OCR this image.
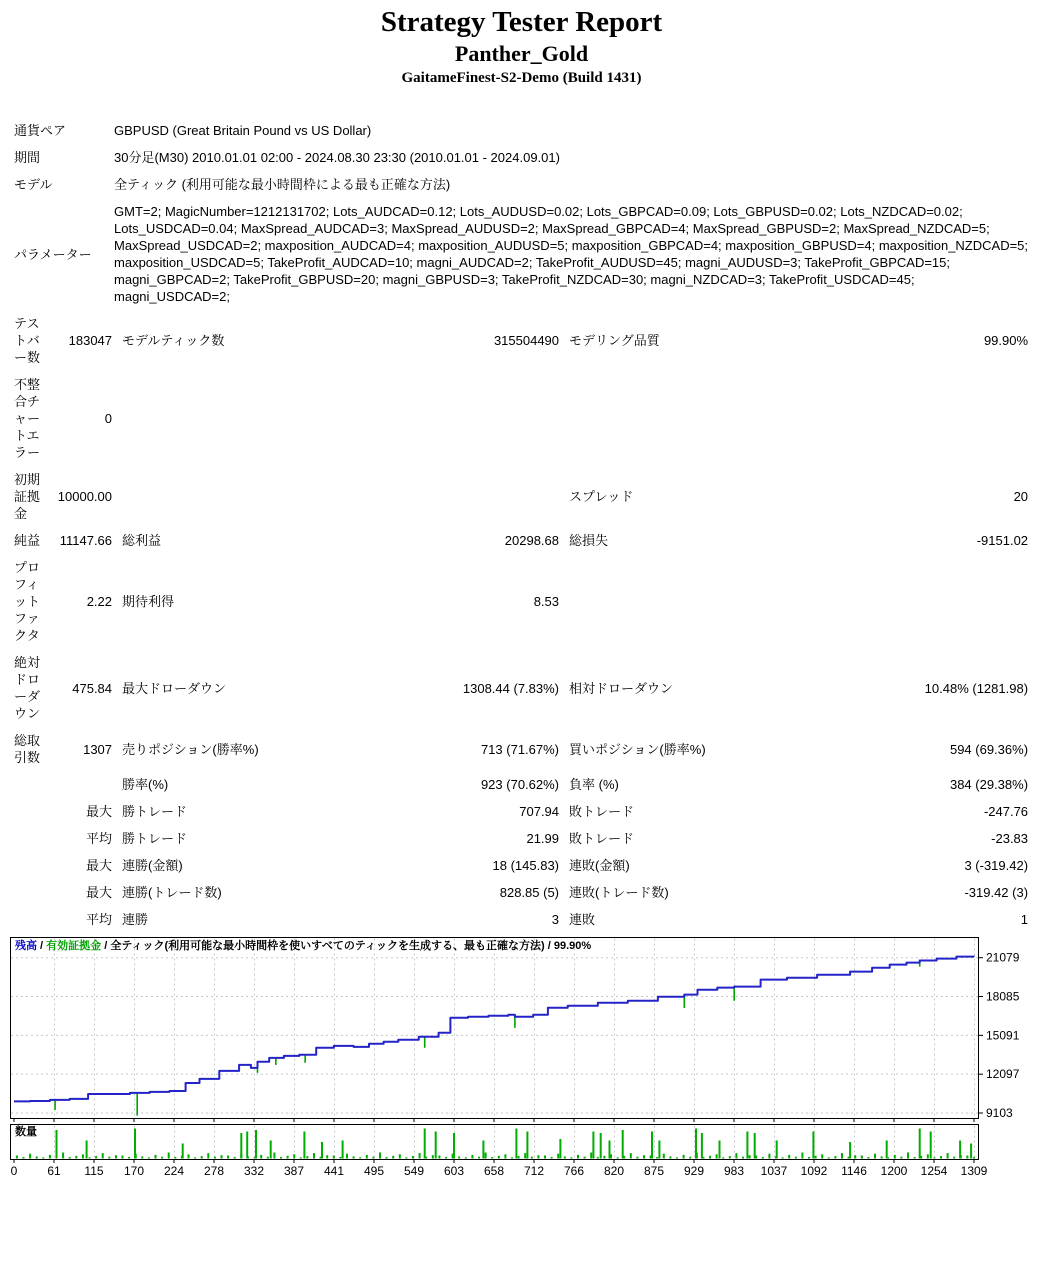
Strategy Tester Report
Panther_Gold
GaitameFinest-S2-Demo (Build 1431)
通貨ペア		GBPUSD (Great Britain Pound vs US Dollar)			
期間		30分足(M30) 2010.01.01 02:00 - 2024.08.30 23:30 (2010.01.01 - 2024.09.01)			
モデル		全ティック (利用可能な最小時間枠による最も正確な方法)			
パラメーター		GMT=2; MagicNumber=1212131702; Lots_AUDCAD=0.12; Lots_AUDUSD=0.02; Lots_GBPCAD=0.09; Lots_GBPUSD=0.02; Lots_NZDCAD=0.02; Lots_USDCAD=0.04; MaxSpread_AUDCAD=3; MaxSpread_AUDUSD=2; MaxSpread_GBPCAD=4; MaxSpread_GBPUSD=2; MaxSpread_NZDCAD=5; MaxSpread_USDCAD=2; maxposition_AUDCAD=4; maxposition_AUDUSD=5; maxposition_GBPCAD=4; maxposition_GBPUSD=4; maxposition_NZDCAD=5; maxposition_USDCAD=5; TakeProfit_AUDCAD=10; magni_AUDCAD=2; TakeProfit_AUDUSD=45; magni_AUDUSD=3; TakeProfit_GBPCAD=15; magni_GBPCAD=2; TakeProfit_GBPUSD=20; magni_GBPUSD=3; TakeProfit_NZDCAD=30; magni_NZDCAD=3; TakeProfit_USDCAD=45; magni_USDCAD=2;			
テストバー数	183047	モデルティック数	315504490	モデリング品質	99.90%
不整合チャートエラー	0				
初期証拠金	10000.00			スプレッド	20
純益	11147.66	総利益	20298.68	総損失	-9151.02
プロフィットファクタ	2.22	期待利得	8.53		
絶対ドローダウン	475.84	最大ドローダウン	1308.44 (7.83%)	相対ドローダウン	10.48% (1281.98)
総取引数	1307	売りポジション(勝率%)	713 (71.67%)	買いポジション(勝率%)	594 (69.36%)
		勝率(%)	923 (70.62%)	負率 (%)	384 (29.38%)
	最大	勝トレード	707.94	敗トレード	-247.76
	平均	勝トレード	21.99	敗トレード	-23.83
	最大	連勝(金額)	18 (145.83)	連敗(金額)	3 (-319.42)
	最大	連勝(トレード数)	828.85 (5)	連敗(トレード数)	-319.42 (3)
	平均	連勝	3	連敗	1
残高 / 有効証拠金 / 全ティック(利用可能な最小時間枠を使いすべてのティックを生成する、最も正確な方法) / 99.90%
21079
18085
15091
12097
9103
数量
0 61 115 170 224 278 332 387 441 495 549 603 658 712 766 820 875 929 983 1037 1092 1146 1200 1254 1309
